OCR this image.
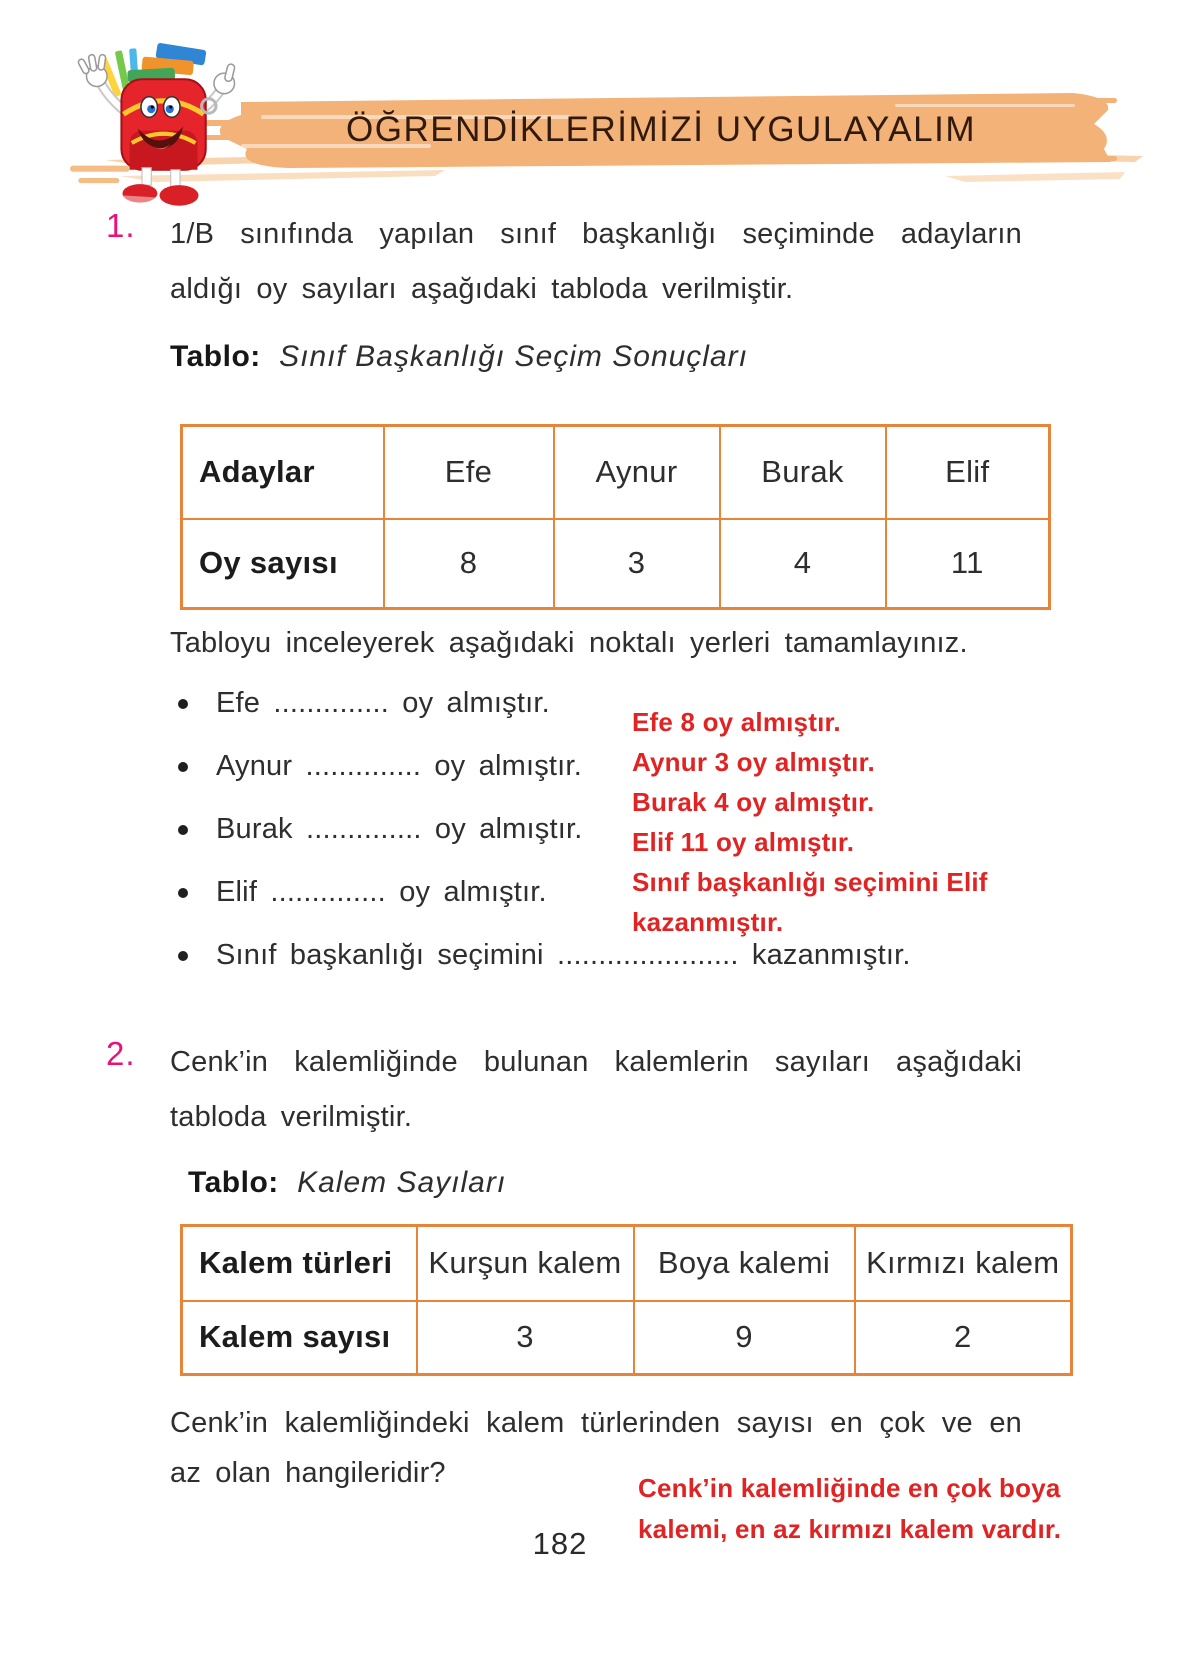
ÖĞRENDİKLERİMİZİ UYGULAYALIM
1. 1/B sınıfında yapılan sınıf başkanlığı seçiminde adayların aldığı oy sayıları aşağıdaki tabloda verilmiştir.
Tablo: Sınıf Başkanlığı Seçim Sonuçları
Adaylar	Efe	Aynur	Burak	Elif
Oy sayısı	8	3	4	11
Tabloyu inceleyerek aşağıdaki noktalı yerleri tamamlayınız.
Efe .............. oy almıştır.
Aynur .............. oy almıştır.
Burak .............. oy almıştır.
Elif .............. oy almıştır.
Sınıf başkanlığı seçimini ...................... kazanmıştır.
Efe 8 oy almıştır.
Aynur 3 oy almıştır.
Burak 4 oy almıştır.
Elif 11 oy almıştır.
Sınıf başkanlığı seçimini Elif kazanmıştır.
2. Cenk’in kalemliğinde bulunan kalemlerin sayıları aşağıdaki tabloda verilmiştir.
Tablo: Kalem Sayıları
Kalem türleri	Kurşun kalem	Boya kalemi	Kırmızı kalem
Kalem sayısı	3	9	2
Cenk’in kalemliğindeki kalem türlerinden sayısı en çok ve en az olan hangileridir?	Cenk’in kalemliğinde en çok boya kalemi, en az kırmızı kalem vardır.
182
